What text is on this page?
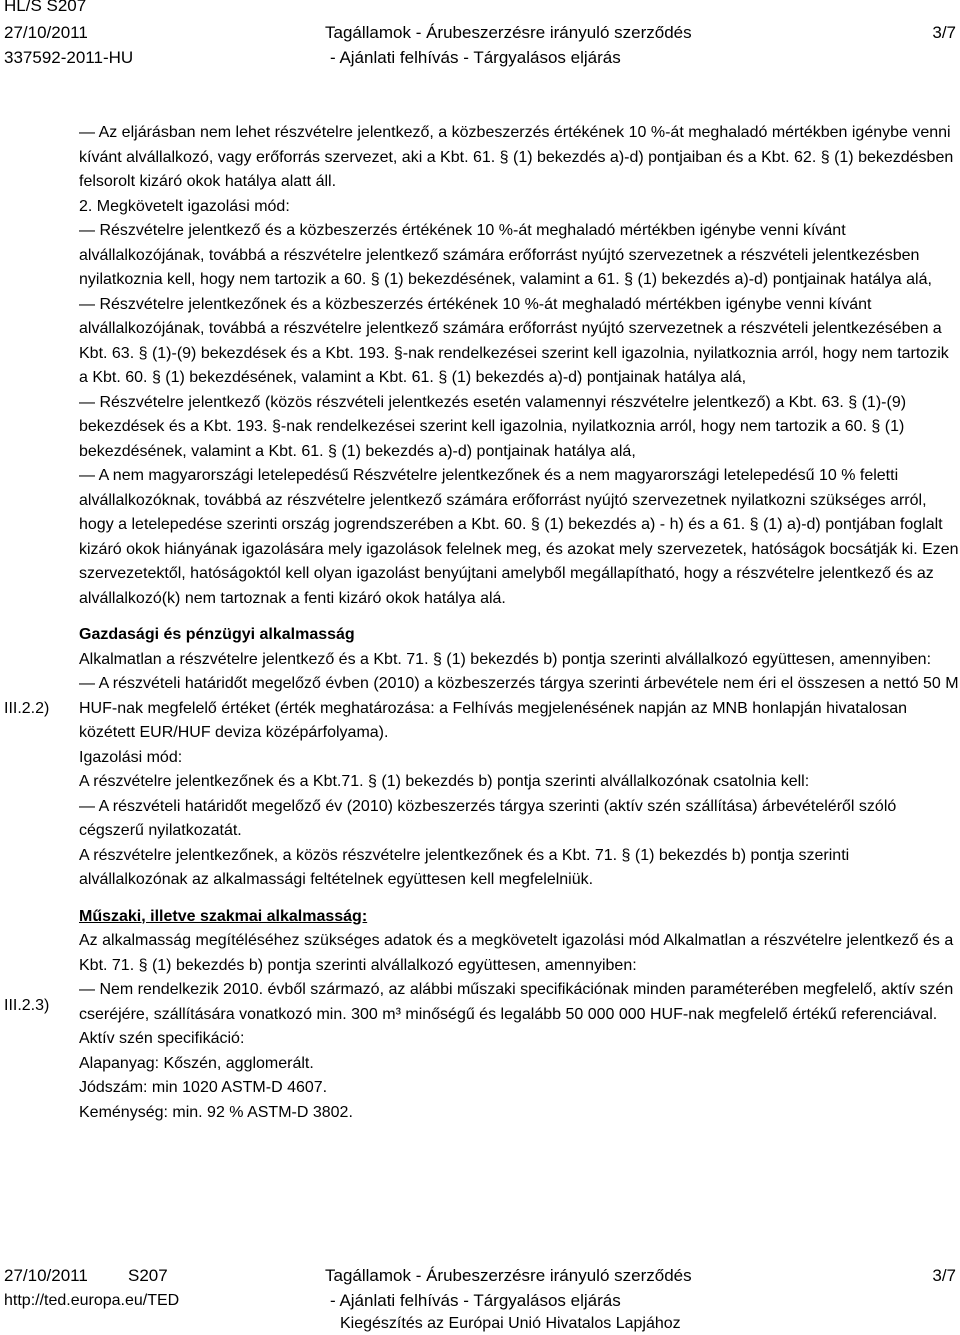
HL/S S207
27/10/2011
337592-2011-HU
Tagállamok - Árubeszerzésre irányuló szerződés
- Ajánlati felhívás - Tárgyalásos eljárás
3/7
III.2.2)
III.2.3)

— Az eljárásban nem lehet részvételre jelentkező, a közbeszerzés értékének 10 %-át meghaladó mértékben igénybe venni kívánt alvállalkozó, vagy erőforrás szervezet, aki a Kbt. 61. § (1) bekezdés a)-d) pontjaiban és a Kbt. 62. § (1) bekezdésben felsorolt kizáró okok hatálya alatt áll.

2. Megkövetelt igazolási mód:

— Részvételre jelentkező és a közbeszerzés értékének 10 %-át meghaladó mértékben igénybe venni kívánt alvállalkozójának, továbbá a részvételre jelentkező számára erőforrást nyújtó szervezetnek a részvételi jelentkezésben nyilatkoznia kell, hogy nem tartozik a 60. § (1) bekezdésének, valamint a 61. § (1) bekezdés a)-d) pontjainak hatálya alá,

— Részvételre jelentkezőnek és a közbeszerzés értékének 10 %-át meghaladó mértékben igénybe venni kívánt alvállalkozójának, továbbá a részvételre jelentkező számára erőforrást nyújtó szervezetnek a részvételi jelentkezésében a Kbt. 63. § (1)-(9) bekezdések és a Kbt. 193. §-nak rendelkezései szerint kell igazolnia, nyilatkoznia arról, hogy nem tartozik a Kbt. 60. § (1) bekezdésének, valamint a Kbt. 61. § (1) bekezdés a)-d) pontjainak hatálya alá,

— Részvételre jelentkező (közös részvételi jelentkezés esetén valamennyi részvételre jelentkező) a Kbt. 63. § (1)-(9) bekezdések és a Kbt. 193. §-nak rendelkezései szerint kell igazolnia, nyilatkoznia arról, hogy nem tartozik a 60. § (1) bekezdésének, valamint a Kbt. 61. § (1) bekezdés a)-d) pontjainak hatálya alá,

— A nem magyarországi letelepedésű Részvételre jelentkezőnek és a nem magyarországi letelepedésű 10 % feletti alvállalkozóknak, továbbá az részvételre jelentkező számára erőforrást nyújtó szervezetnek nyilatkozni szükséges arról, hogy a letelepedése szerinti ország jogrendszerében a Kbt. 60. § (1) bekezdés a) - h) és a 61. § (1) a)-d) pontjában foglalt kizáró okok hiányának igazolására mely igazolások felelnek meg, és azokat mely szervezetek, hatóságok bocsátják ki. Ezen szervezetektől, hatóságoktól kell olyan igazolást benyújtani amelyből megállapítható, hogy a részvételre jelentkező és az alvállalkozó(k) nem tartoznak a fenti kizáró okok hatálya alá.

Gazdasági és pénzügyi alkalmasság

Alkalmatlan a részvételre jelentkező és a Kbt. 71. § (1) bekezdés b) pontja szerinti alvállalkozó együttesen, amennyiben:

— A részvételi határidőt megelőző évben (2010) a közbeszerzés tárgya szerinti árbevétele nem éri el összesen a nettó 50 M HUF-nak megfelelő értéket (érték meghatározása: a Felhívás megjelenésének napján az MNB honlapján hivatalosan közétett EUR/HUF deviza középárfolyama).

Igazolási mód:

A részvételre jelentkezőnek és a Kbt.71. § (1) bekezdés b) pontja szerinti alvállalkozónak csatolnia kell:

— A részvételi határidőt megelőző év (2010) közbeszerzés tárgya szerinti (aktív szén szállítása) árbevételéről szóló cégszerű nyilatkozatát.

A részvételre jelentkezőnek, a közös részvételre jelentkezőnek és a Kbt. 71. § (1) bekezdés b) pontja szerinti alvállalkozónak az alkalmassági feltételnek együttesen kell megfelelniük.

Műszaki, illetve szakmai alkalmasság:

Az alkalmasság megítéléséhez szükséges adatok és a megkövetelt igazolási mód Alkalmatlan a részvételre jelentkező és a Kbt. 71. § (1) bekezdés b) pontja szerinti alvállalkozó együttesen, amennyiben:

— Nem rendelkezik 2010. évből származó, az alábbi műszaki specifikációnak minden paraméterében megfelelő, aktív szén cseréjére, szállítására vonatkozó min. 300 m³ minőségű és legalább 50 000 000 HUF-nak megfelelő értékű referenciával.

Aktív szén specifikáció:

Alapanyag: Kőszén, agglomerált.

Jódszám: min 1020 ASTM-D 4607.

Keménység: min. 92 % ASTM-D 3802.

27/10/2011 S207
http://ted.europa.eu/TED
Tagállamok - Árubeszerzésre irányuló szerződés
- Ajánlati felhívás - Tárgyalásos eljárás
Kiegészítés az Európai Unió Hivatalos Lapjához
3/7
